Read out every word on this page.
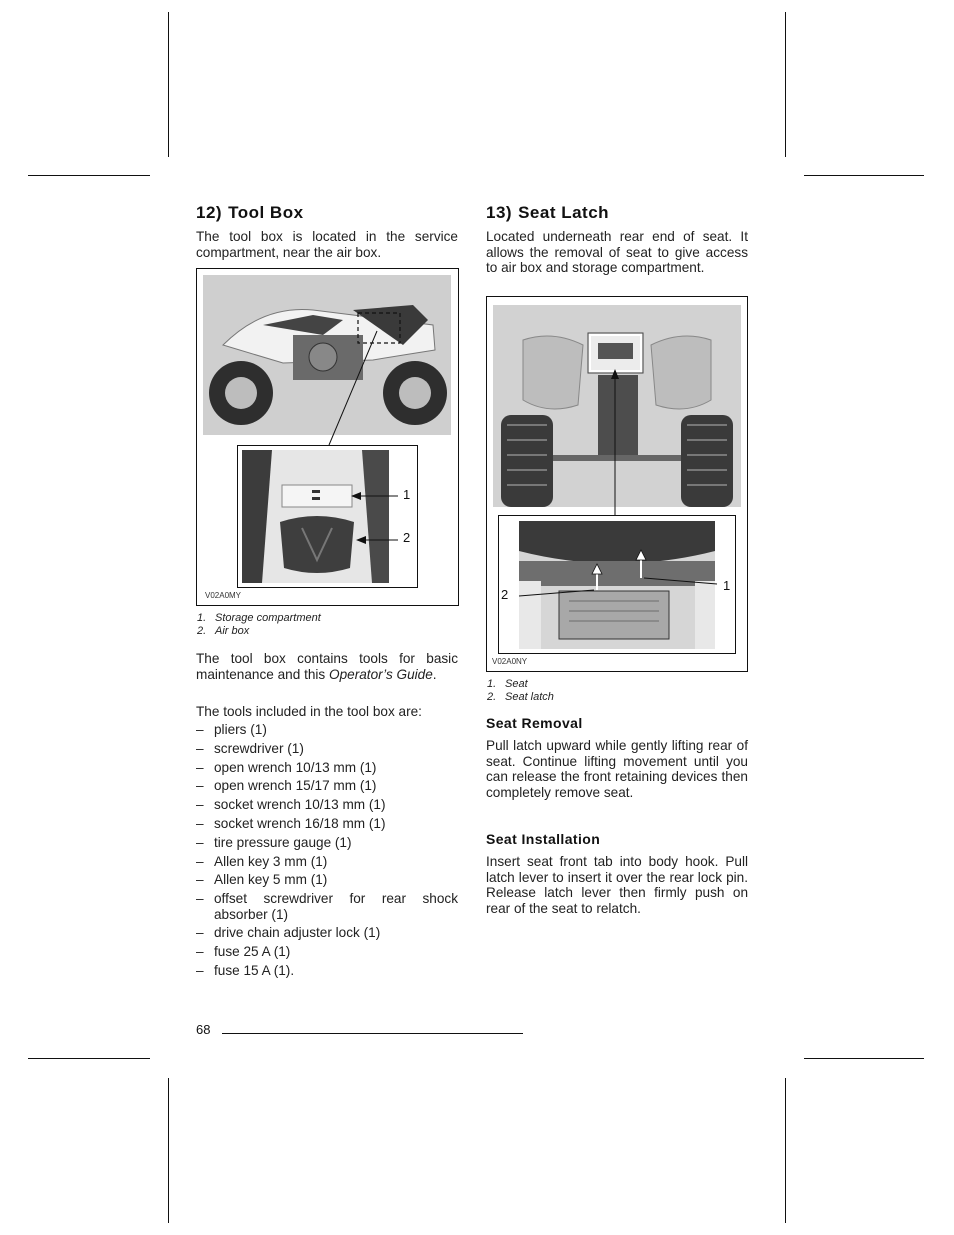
12) Tool Box
The tool box is located in the service compartment, near the air box.
1
2
V02A0MY
1. Storage compartment
2. Air box
The tool box contains tools for basic maintenance and this Operator’s Guide.
The tools included in the tool box are:
– pliers (1)
– screwdriver (1)
– open wrench 10/13 mm (1)
– open wrench 15/17 mm (1)
– socket wrench 10/13 mm (1)
– socket wrench 16/18 mm (1)
– tire pressure gauge (1)
– Allen key 3 mm (1)
– Allen key 5 mm (1)
– offset screwdriver for rear shock absorber (1)
– drive chain adjuster lock (1)
– fuse 25 A (1)
– fuse 15 A (1).
13) Seat Latch
Located underneath rear end of seat. It allows the removal of seat to give access to air box and storage compartment.
2
1
V02A0NY
1. Seat
2. Seat latch
Seat Removal
Pull latch upward while gently lifting rear of seat. Continue lifting movement until you can release the front retaining devices then completely remove seat.
Seat Installation
Insert seat front tab into body hook. Pull latch lever to insert it over the rear lock pin. Release latch lever then firmly push on rear of the seat to relatch.
68
